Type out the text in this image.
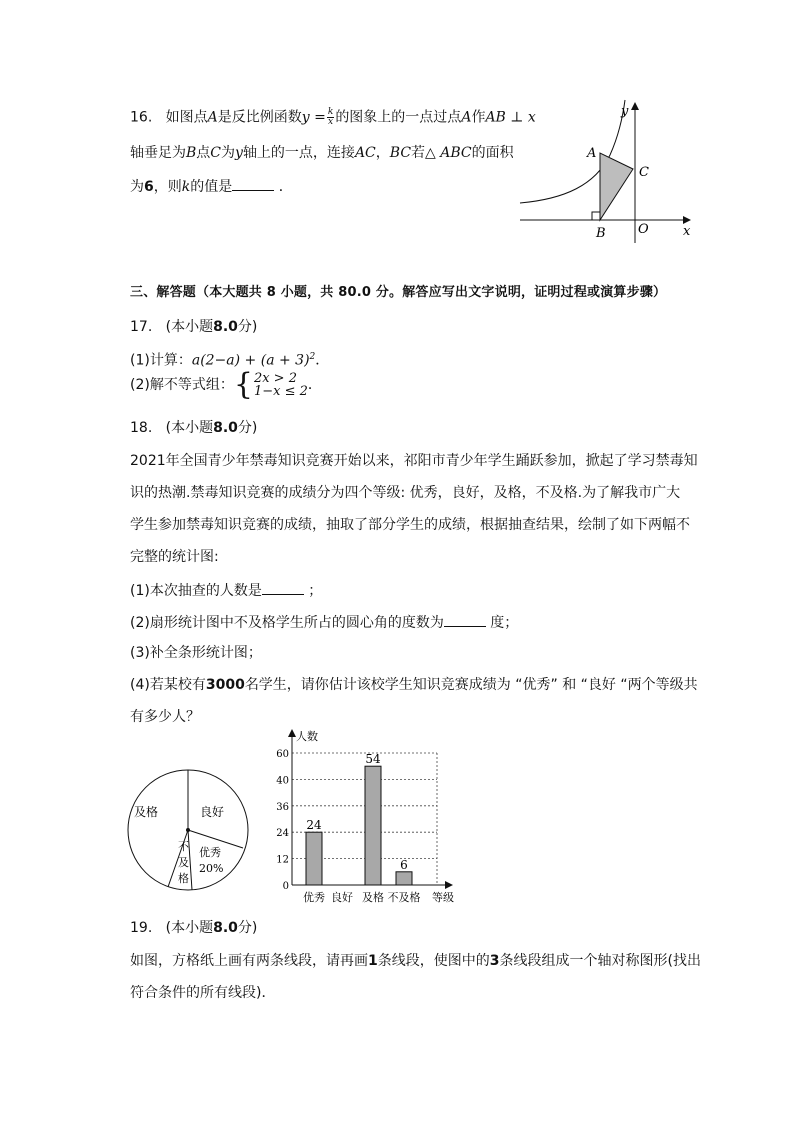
16.   如图点A是反比例函数$y = \frac{k}{x}$ 的图象上的一点过点A作AB ⊥ x
轴垂足为B点C为y轴上的一点，连接AC，BC若△ ABC的面积
为6，则k的值是	．
y
x
A
B
C
O
三、解答题（本大题共 8 小题，共 80.0 分。解答应写出文字说明，证明过程或演算步骤）
17.   (本小题8.0分)
(1)计算：$a(2-a) + (a + 3)^2$．
(2)解不等式组：{ 2x > 2
1−x ≤ 2 ．
18.   (本小题8.0分)
2021年全国青少年禁毒知识竞赛开始以来，祁阳市青少年学生踊跃参加，掀起了学习禁毒知
识的热潮.禁毒知识竞赛的成绩分为四个等级: 优秀，良好，及格，不及格.为了解我市广大
学生参加禁毒知识竞赛的成绩，抽取了部分学生的成绩，根据抽查结果，绘制了如下两幅不
完整的统计图:
(1)本次抽查的人数是	；
(2)扇形统计图中不及格学生所占的圆心角的度数为	度；
(3)补全条形统计图；
(4)若某校有3000名学生，请你估计该校学生知识竞赛成绩为 “优秀” 和 “良好 “两个等级共
有多少人？
及格	良好
优秀
20%
不
及
格
人数
等级
0
12
24
36
40
60
24
54
6
优秀 良好 及格 不及格
19.   (本小题8.0分)
如图，方格纸上画有两条线段，请再画1条线段，使图中的3条线段组成一个轴对称图形(找出
符合条件的所有线段)．
